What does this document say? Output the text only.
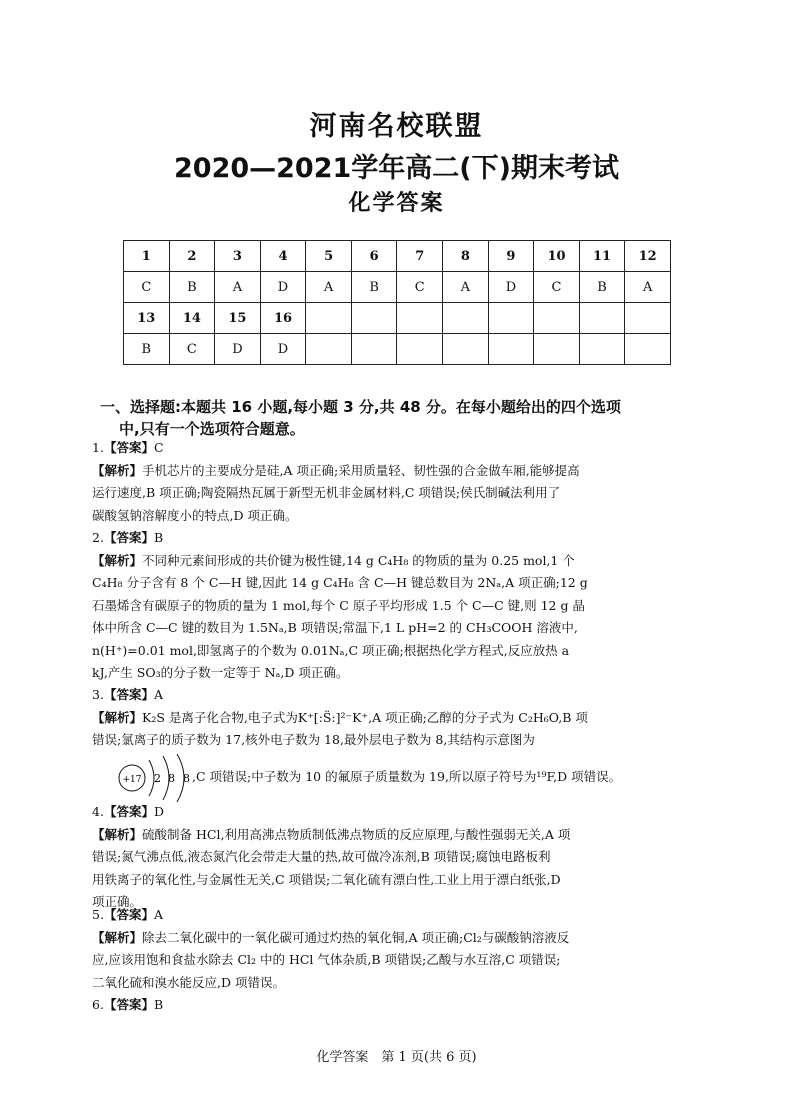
河南名校联盟
2020—2021学年高二(下)期末考试
化学答案
1	2	3	4	5	6	7	8	9	10	11	12
C	B	A	D	A	B	C	A	D	C	B	A
13	14	15	16								
B	C	D	D								
一、选择题:本题共 16 小题,每小题 3 分,共 48 分。在每小题给出的四个选项
中,只有一个选项符合题意。
1.【答案】C
【解析】手机芯片的主要成分是硅,A 项正确;采用质量轻、韧性强的合金做车厢,能够提高
运行速度,B 项正确;陶瓷隔热瓦属于新型无机非金属材料,C 项错误;侯氏制碱法利用了
碳酸氢钠溶解度小的特点,D 项正确。
2.【答案】B
【解析】不同种元素间形成的共价键为极性键,14 g C₄H₈ 的物质的量为 0.25 mol,1 个
C₄H₈ 分子含有 8 个 C—H 键,因此 14 g C₄H₈ 含 C—H 键总数目为 2Nₐ,A 项正确;12 g
石墨烯含有碳原子的物质的量为 1 mol,每个 C 原子平均形成 1.5 个 C—C 键,则 12 g 晶
体中所含 C—C 键的数目为 1.5Nₐ,B 项错误;常温下,1 L pH=2 的 CH₃COOH 溶液中,
n(H⁺)=0.01 mol,即氢离子的个数为 0.01Nₐ,C 项正确;根据热化学方程式,反应放热 a
kJ,产生 SO₃的分子数一定等于 Nₐ,D 项正确。
3.【答案】A
【解析】K₂S 是离子化合物,电子式为K⁺[:S̈:]²⁻K⁺,A 项正确;乙醇的分子式为 C₂H₆O,B 项
错误;氯离子的质子数为 17,核外电子数为 18,最外层电子数为 8,其结构示意图为
+17 2 8 8 ,C 项错误;中子数为 10 的氟原子质量数为 19,所以原子符号为¹⁹F,D 项错误。
4.【答案】D
【解析】硫酸制备 HCl,利用高沸点物质制低沸点物质的反应原理,与酸性强弱无关,A 项
错误;氮气沸点低,液态氮汽化会带走大量的热,故可做冷冻剂,B 项错误;腐蚀电路板利
用铁离子的氧化性,与金属性无关,C 项错误;二氧化硫有漂白性,工业上用于漂白纸张,D
项正确。
5.【答案】A
【解析】除去二氧化碳中的一氧化碳可通过灼热的氧化铜,A 项正确;Cl₂与碳酸钠溶液反
应,应该用饱和食盐水除去 Cl₂ 中的 HCl 气体杂质,B 项错误;乙酸与水互溶,C 项错误;
二氧化硫和溴水能反应,D 项错误。
6.【答案】B
化学答案　第 1 页(共 6 页)
